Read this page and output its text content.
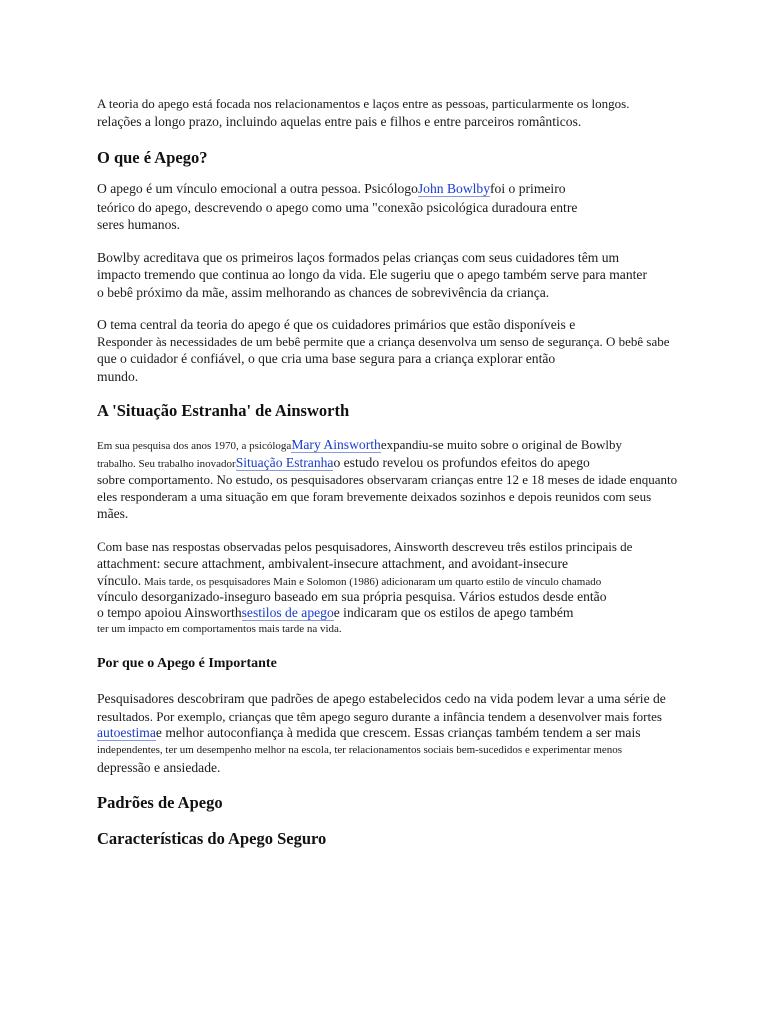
A teoria do apego está focada nos relacionamentos e laços entre as pessoas, particularmente os longos.
relações a longo prazo, incluindo aquelas entre pais e filhos e entre parceiros românticos.
O que é Apego?
O apego é um vínculo emocional a outra pessoa. PsicólogoJohn Bowlbyfoi o primeiro
teórico do apego, descrevendo o apego como uma "conexão psicológica duradoura entre
seres humanos.
Bowlby acreditava que os primeiros laços formados pelas crianças com seus cuidadores têm um
impacto tremendo que continua ao longo da vida. Ele sugeriu que o apego também serve para manter
o bebê próximo da mãe, assim melhorando as chances de sobrevivência da criança.
O tema central da teoria do apego é que os cuidadores primários que estão disponíveis e
Responder às necessidades de um bebê permite que a criança desenvolva um senso de segurança. O bebê sabe
que o cuidador é confiável, o que cria uma base segura para a criança explorar então
mundo.
A 'Situação Estranha' de Ainsworth
Em sua pesquisa dos anos 1970, a psicólogaMary Ainsworthexpandiu-se muito sobre o original de Bowlby
trabalho. Seu trabalho inovadorSituação Estranhao estudo revelou os profundos efeitos do apego
sobre comportamento. No estudo, os pesquisadores observaram crianças entre 12 e 18 meses de idade enquanto
eles responderam a uma situação em que foram brevemente deixados sozinhos e depois reunidos com seus
mães.
Com base nas respostas observadas pelos pesquisadores, Ainsworth descreveu três estilos principais de
attachment: secure attachment, ambivalent-insecure attachment, and avoidant-insecure
vínculo. Mais tarde, os pesquisadores Main e Solomon (1986) adicionaram um quarto estilo de vínculo chamado
vínculo desorganizado-inseguro baseado em sua própria pesquisa. Vários estudos desde então
o tempo apoiou Ainsworthsestilos de apegoe indicaram que os estilos de apego também
ter um impacto em comportamentos mais tarde na vida.
Por que o Apego é Importante
Pesquisadores descobriram que padrões de apego estabelecidos cedo na vida podem levar a uma série de
resultados. Por exemplo, crianças que têm apego seguro durante a infância tendem a desenvolver mais fortes
autoestimae melhor autoconfiança à medida que crescem. Essas crianças também tendem a ser mais
independentes, ter um desempenho melhor na escola, ter relacionamentos sociais bem-sucedidos e experimentar menos
depressão e ansiedade.
Padrões de Apego
Características do Apego Seguro
